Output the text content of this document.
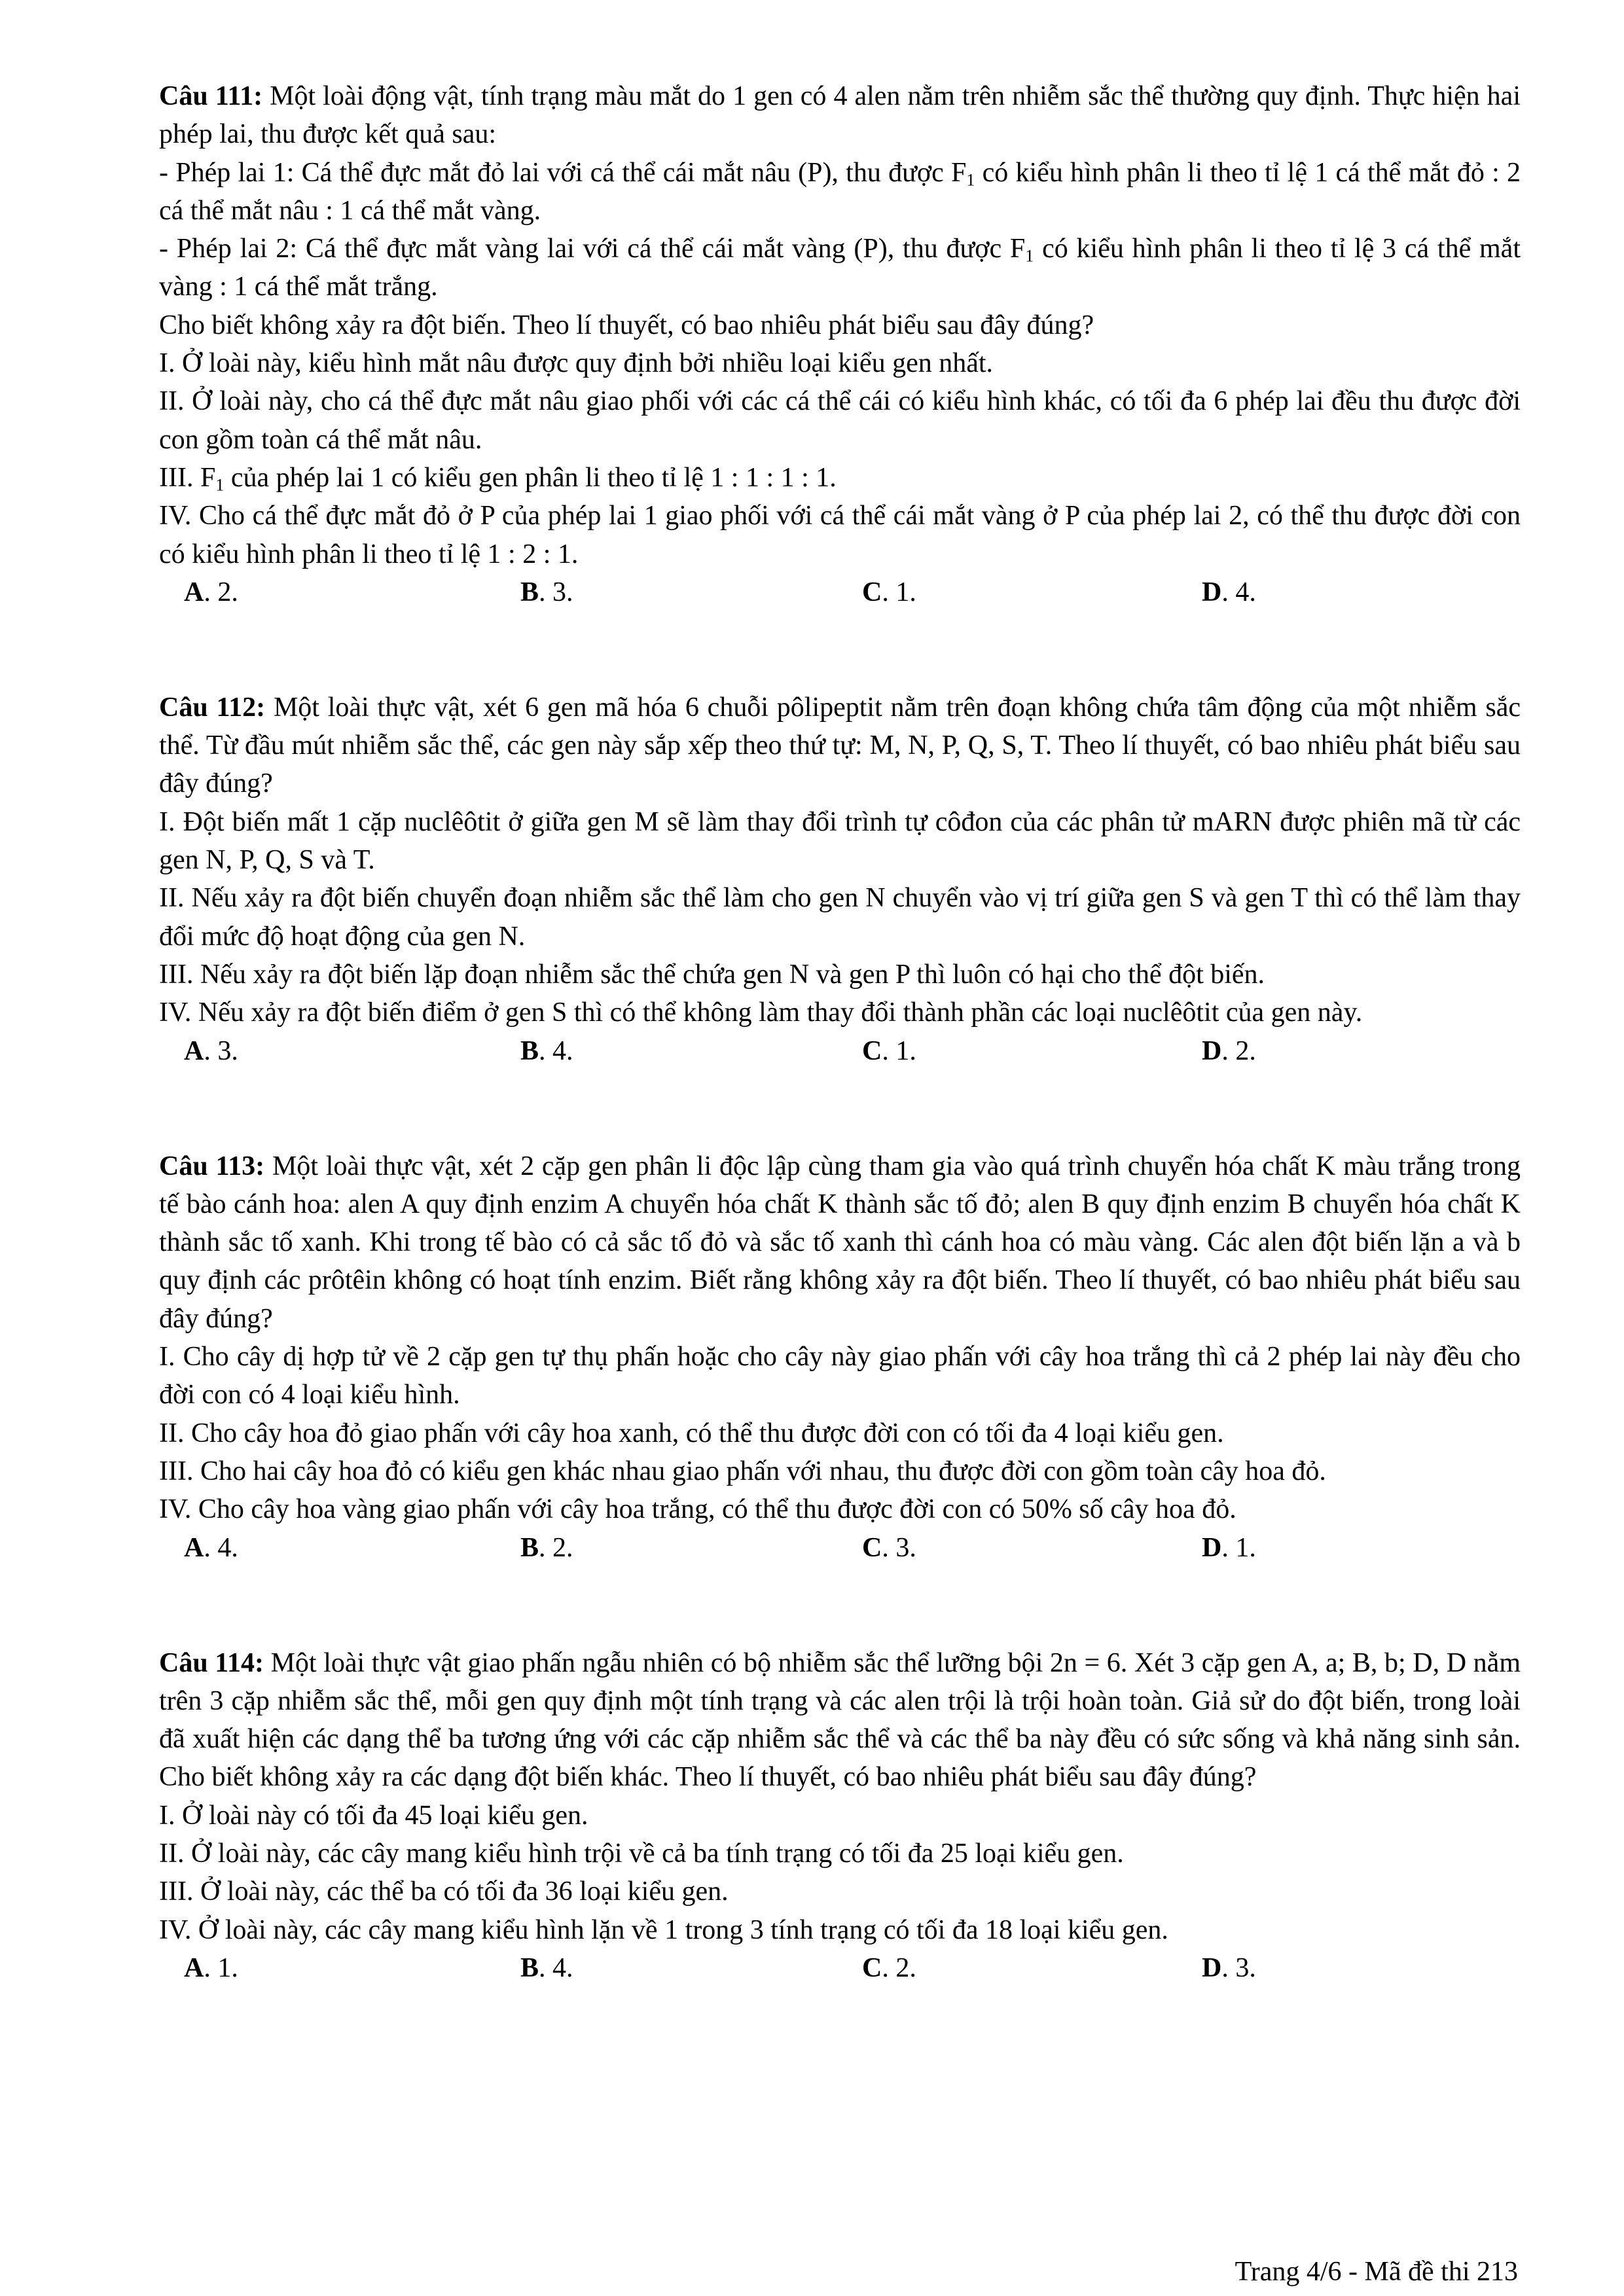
Câu 111: Một loài động vật, tính trạng màu mắt do 1 gen có 4 alen nằm trên nhiễm sắc thể thường quy định. Thực hiện hai phép lai, thu được kết quả sau:

- Phép lai 1: Cá thể đực mắt đỏ lai với cá thể cái mắt nâu (P), thu được $F_1$ có kiểu hình phân li theo tỉ lệ 1 cá thể mắt đỏ : 2 cá thể mắt nâu : 1 cá thể mắt vàng.

- Phép lai 2: Cá thể đực mắt vàng lai với cá thể cái mắt vàng (P), thu được $F_1$ có kiểu hình phân li theo tỉ lệ 3 cá thể mắt vàng : 1 cá thể mắt trắng.

Cho biết không xảy ra đột biến. Theo lí thuyết, có bao nhiêu phát biểu sau đây đúng?

I. Ở loài này, kiểu hình mắt nâu được quy định bởi nhiều loại kiểu gen nhất.

II. Ở loài này, cho cá thể đực mắt nâu giao phối với các cá thể cái có kiểu hình khác, có tối đa 6 phép lai đều thu được đời con gồm toàn cá thể mắt nâu.

III. $F_1$ của phép lai 1 có kiểu gen phân li theo tỉ lệ 1 : 1 : 1 : 1.

IV. Cho cá thể đực mắt đỏ ở P của phép lai 1 giao phối với cá thể cái mắt vàng ở P của phép lai 2, có thể thu được đời con có kiểu hình phân li theo tỉ lệ 1 : 2 : 1.

A. 2.	B. 3.	C. 1.	D. 4.

Câu 112: Một loài thực vật, xét 6 gen mã hóa 6 chuỗi pôlipeptit nằm trên đoạn không chứa tâm động của một nhiễm sắc thể. Từ đầu mút nhiễm sắc thể, các gen này sắp xếp theo thứ tự: M, N, P, Q, S, T. Theo lí thuyết, có bao nhiêu phát biểu sau đây đúng?

I. Đột biến mất 1 cặp nuclêôtit ở giữa gen M sẽ làm thay đổi trình tự côđon của các phân tử mARN được phiên mã từ các gen N, P, Q, S và T.

II. Nếu xảy ra đột biến chuyển đoạn nhiễm sắc thể làm cho gen N chuyển vào vị trí giữa gen S và gen T thì có thể làm thay đổi mức độ hoạt động của gen N.

III. Nếu xảy ra đột biến lặp đoạn nhiễm sắc thể chứa gen N và gen P thì luôn có hại cho thể đột biến.

IV. Nếu xảy ra đột biến điểm ở gen S thì có thể không làm thay đổi thành phần các loại nuclêôtit của gen này.

A. 3.	B. 4.	C. 1.	D. 2.

Câu 113: Một loài thực vật, xét 2 cặp gen phân li độc lập cùng tham gia vào quá trình chuyển hóa chất K màu trắng trong tế bào cánh hoa: alen A quy định enzim A chuyển hóa chất K thành sắc tố đỏ; alen B quy định enzim B chuyển hóa chất K thành sắc tố xanh. Khi trong tế bào có cả sắc tố đỏ và sắc tố xanh thì cánh hoa có màu vàng. Các alen đột biến lặn a và b quy định các prôtêin không có hoạt tính enzim. Biết rằng không xảy ra đột biến. Theo lí thuyết, có bao nhiêu phát biểu sau đây đúng?

I. Cho cây dị hợp tử về 2 cặp gen tự thụ phấn hoặc cho cây này giao phấn với cây hoa trắng thì cả 2 phép lai này đều cho đời con có 4 loại kiểu hình.

II. Cho cây hoa đỏ giao phấn với cây hoa xanh, có thể thu được đời con có tối đa 4 loại kiểu gen.

III. Cho hai cây hoa đỏ có kiểu gen khác nhau giao phấn với nhau, thu được đời con gồm toàn cây hoa đỏ.

IV. Cho cây hoa vàng giao phấn với cây hoa trắng, có thể thu được đời con có 50% số cây hoa đỏ.

A. 4.	B. 2.	C. 3.	D. 1.

Câu 114: Một loài thực vật giao phấn ngẫu nhiên có bộ nhiễm sắc thể lưỡng bội 2n = 6. Xét 3 cặp gen A, a; B, b; D, D nằm trên 3 cặp nhiễm sắc thể, mỗi gen quy định một tính trạng và các alen trội là trội hoàn toàn. Giả sử do đột biến, trong loài đã xuất hiện các dạng thể ba tương ứng với các cặp nhiễm sắc thể và các thể ba này đều có sức sống và khả năng sinh sản. Cho biết không xảy ra các dạng đột biến khác. Theo lí thuyết, có bao nhiêu phát biểu sau đây đúng?

I. Ở loài này có tối đa 45 loại kiểu gen.

II. Ở loài này, các cây mang kiểu hình trội về cả ba tính trạng có tối đa 25 loại kiểu gen.

III. Ở loài này, các thể ba có tối đa 36 loại kiểu gen.

IV. Ở loài này, các cây mang kiểu hình lặn về 1 trong 3 tính trạng có tối đa 18 loại kiểu gen.

A. 1.	B. 4.	C. 2.	D. 3.
Trang 4/6 - Mã đề thi 213
